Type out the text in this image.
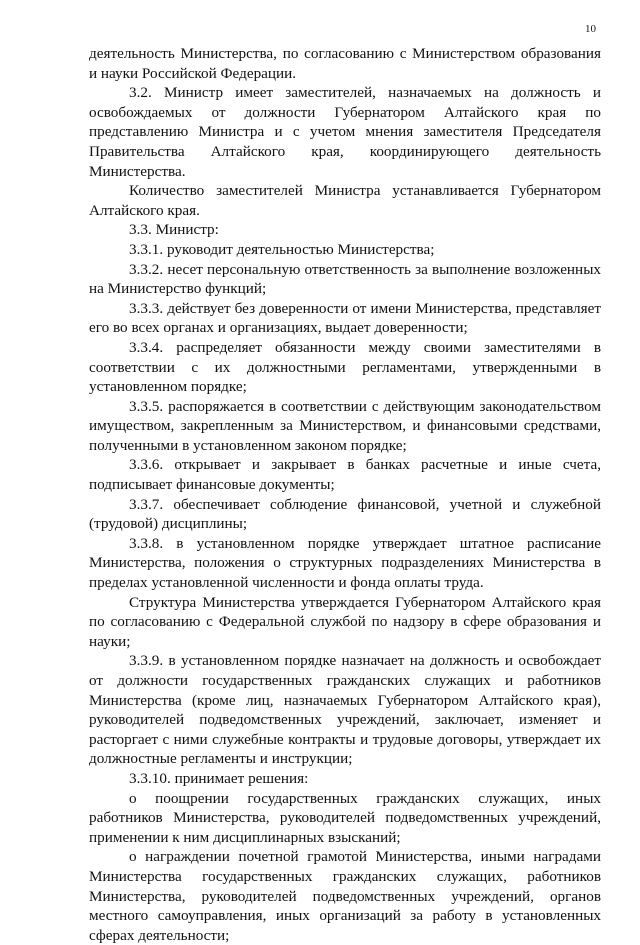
10

деятельность Министерства, по согласованию с Министерством образования и науки Российской Федерации.

3.2. Министр имеет заместителей, назначаемых на должность и освобождаемых от должности Губернатором Алтайского края по представлению Министра и с учетом мнения заместителя Председателя Правительства Алтайского края, координирующего деятельность Министерства.

Количество заместителей Министра устанавливается Губернатором Алтайского края.

3.3. Министр:

3.3.1. руководит деятельностью Министерства;

3.3.2. несет персональную ответственность за выполнение возложенных на Министерство функций;

3.3.3. действует без доверенности от имени Министерства, представляет его во всех органах и организациях, выдает доверенности;

3.3.4. распределяет обязанности между своими заместителями в соответствии с их должностными регламентами, утвержденными в установленном порядке;

3.3.5. распоряжается в соответствии с действующим законодательством имуществом, закрепленным за Министерством, и финансовыми средствами, полученными в установленном законом порядке;

3.3.6. открывает и закрывает в банках расчетные и иные счета, подписывает финансовые документы;

3.3.7. обеспечивает соблюдение финансовой, учетной и служебной (трудовой) дисциплины;

3.3.8. в установленном порядке утверждает штатное расписание Министерства, положения о структурных подразделениях Министерства в пределах установленной численности и фонда оплаты труда.

Структура Министерства утверждается Губернатором Алтайского края по согласованию с Федеральной службой по надзору в сфере образования и науки;

3.3.9. в установленном порядке назначает на должность и освобождает от должности государственных гражданских служащих и работников Министерства (кроме лиц, назначаемых Губернатором Алтайского края), руководителей подведомственных учреждений, заключает, изменяет и расторгает с ними служебные контракты и трудовые договоры, утверждает их должностные регламенты и инструкции;

3.3.10. принимает решения:

о поощрении государственных гражданских служащих, иных работников Министерства, руководителей подведомственных учреждений, применении к ним дисциплинарных взысканий;

о награждении почетной грамотой Министерства, иными наградами Министерства государственных гражданских служащих, работников Министерства, руководителей подведомственных учреждений, органов местного самоуправления, иных организаций за работу в установленных сферах деятельности;
